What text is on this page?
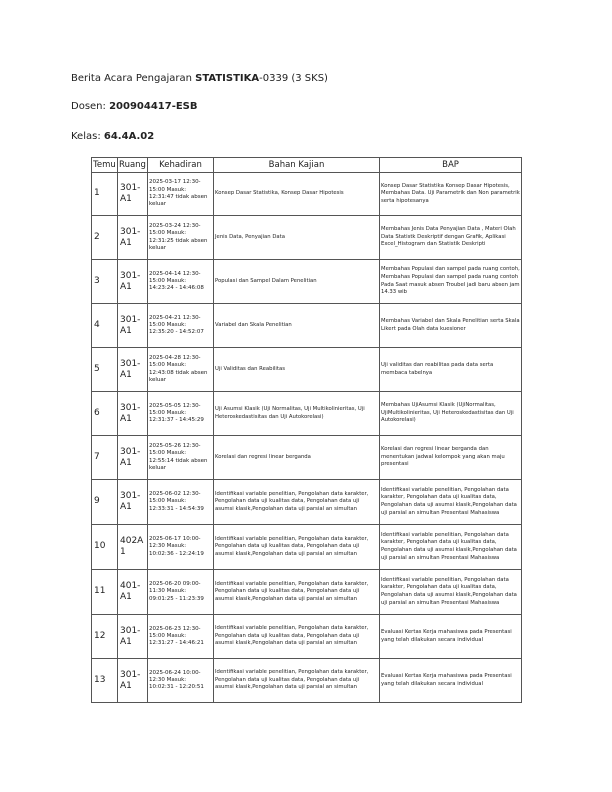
Berita Acara Pengajaran STATISTIKA-0339 (3 SKS)
Dosen: 200904417-ESB
Kelas: 64.4A.02
Temu	Ruang	Kehadiran	Bahan Kajian	BAP
1	301-A1	2025-03-17 12:30-15:00 Masuk: 12:31:47 tidak absen keluar	Konsep Dasar Statistika, Konsep Dasar Hipotesis	Konsep Dasar Statistika Konsep Dasar Hipotesis, Membahas Data. Uji Parametrik dan Non parametrik serta hipotesanya
2	301-A1	2025-03-24 12:30-15:00 Masuk: 12:31:25 tidak absen keluar	Jenis Data, Penyajian Data	Membahas Jenis Data Penyajian Data , Materi Olah Data Statistk Deskriptif dengan Grafik, Aplikasi Excel_Histogram dan Statistik Deskripti
3	301-A1	2025-04-14 12:30-15:00 Masuk: 14:23:24 - 14:46:08	Populasi dan Sampel Dalam Penelitian	Membahas Populasi dan sampel pada ruang contoh, Membahas Populasi dan sampel pada ruang contoh Pada Saat masuk absen Troubel jadi baru absen jam 14.33 wib
4	301-A1	2025-04-21 12:30-15:00 Masuk: 12:35:20 - 14:52:07	Variabel dan Skala Penelitian	Membahas Variabel dan Skala Penelitian serta Skala Likert pada Olah data kuesioner
5	301-A1	2025-04-28 12:30-15:00 Masuk: 12:43:08 tidak absen keluar	Uji Validitas dan Reabilitas	Uji validitas dan reabilitas pada data serta membaca tabelnya
6	301-A1	2025-05-05 12:30-15:00 Masuk: 12:31:37 - 14:45:29	Uji Asumsi Klasik (Uji Normalitas, Uji Multikolinieritas, Uji Heteroskedastisitas dan Uji Autokorelasi)	Membahas UjiAsumsi Klasik (UjiNormalitas, UjiMultikolinieritas, Uji Heteroskedastisitas dan Uji Autokorelasi)
7	301-A1	2025-05-26 12:30-15:00 Masuk: 12:55:14 tidak absen keluar	Korelasi dan regresi linear berganda	Korelasi dan regresi linear berganda dan menentukan jadwal kelompok yang akan maju presentasi
9	301-A1	2025-06-02 12:30-15:00 Masuk: 12:33:31 - 14:54:39	Identifikasi variable penelitian, Pengolahan data karakter, Pengolahan data uji kualitas data, Pengolahan data uji asumsi klasik,Pengolahan data uji parsial an simultan	Identifikasi variable penelitian, Pengolahan data karakter, Pengolahan data uji kualitas data, Pengolahan data uji asumsi klasik,Pengolahan data uji parsial an simultan Presentasi Mahasiswa
10	402A1	2025-06-17 10:00-12:30 Masuk: 10:02:36 - 12:24:19	Identifikasi variable penelitian, Pengolahan data karakter, Pengolahan data uji kualitas data, Pengolahan data uji asumsi klasik,Pengolahan data uji parsial an simultan	Identifikasi variable penelitian, Pengolahan data karakter, Pengolahan data uji kualitas data, Pengolahan data uji asumsi klasik,Pengolahan data uji parsial an simultan Presentasi Mahasiswa
11	401-A1	2025-06-20 09:00-11:30 Masuk: 09:01:25 - 11:23:39	Identifikasi variable penelitian, Pengolahan data karakter, Pengolahan data uji kualitas data, Pengolahan data uji asumsi klasik,Pengolahan data uji parsial an simultan	Identifikasi variable penelitian, Pengolahan data karakter, Pengolahan data uji kualitas data, Pengolahan data uji asumsi klasik,Pengolahan data uji parsial an simultan Presentasi Mahasiswa
12	301-A1	2025-06-23 12:30-15:00 Masuk: 12:31:27 - 14:46:21	Identifikasi variable penelitian, Pengolahan data karakter, Pengolahan data uji kualitas data, Pengolahan data uji asumsi klasik,Pengolahan data uji parsial an simultan	Evaluasi Kertas Kerja mahasiswa pada Presentasi yang telah dilakukan secara individual
13	301-A1	2025-06-24 10:00-12:30 Masuk: 10:02:31 - 12:20:51	Identifikasi variable penelitian, Pengolahan data karakter, Pengolahan data uji kualitas data, Pengolahan data uji asumsi klasik,Pengolahan data uji parsial an simultan	Evaluasi Kertas Kerja mahasiswa pada Presentasi yang telah dilakukan secara individual
